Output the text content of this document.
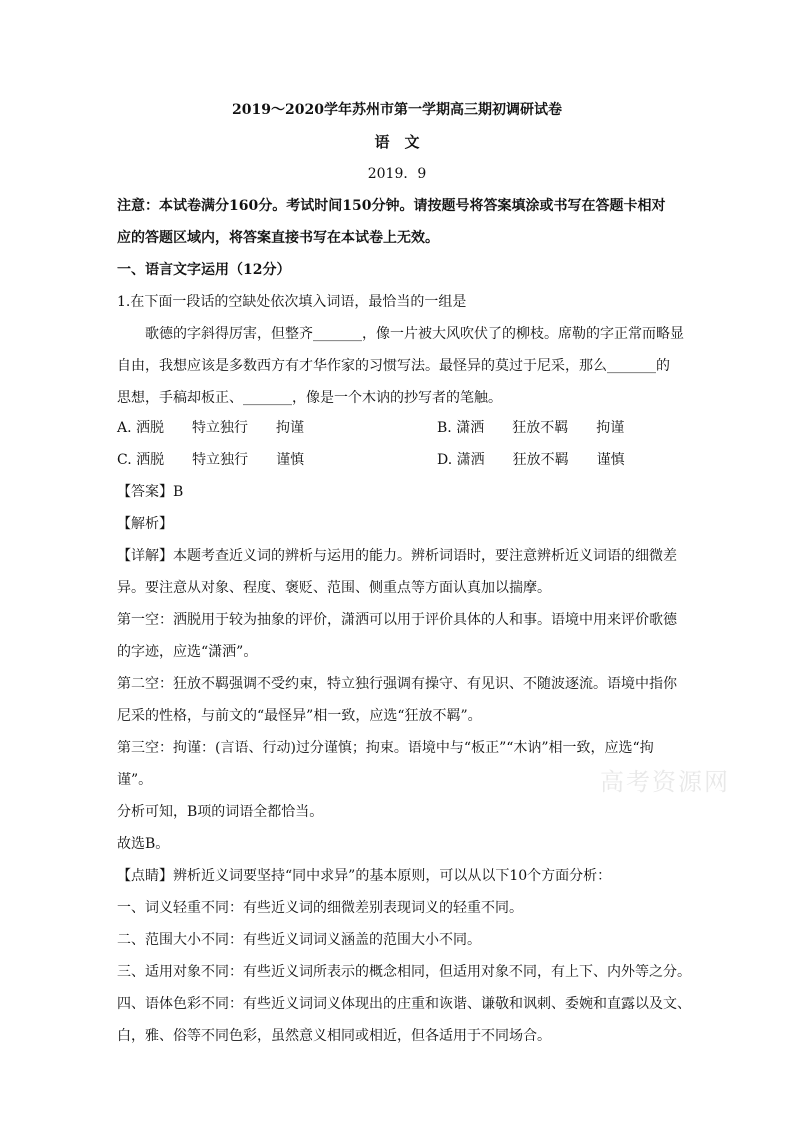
2019～2020学年苏州市第一学期高三期初调研试卷
语　文
2019．9
注意：本试卷满分160分。考试时间150分钟。请按题号将答案填涂或书写在答题卡相对
应的答题区域内，将答案直接书写在本试卷上无效。
一、语言文字运用（12分）
1.在下面一段话的空缺处依次填入词语，最恰当的一组是
歌德的字斜得厉害，但整齐_______，像一片被大风吹伏了的柳枝。席勒的字正常而略显
自由，我想应该是多数西方有才华作家的习惯写法。最怪异的莫过于尼采，那么_______的
思想，手稿却板正、_______，像是一个木讷的抄写者的笔触。
A. 洒脱　　特立独行　　拘谨	B. 潇洒　　狂放不羁　　拘谨
C. 洒脱　　特立独行　　谨慎	D. 潇洒　　狂放不羁　　谨慎
【答案】B
【解析】
【详解】本题考查近义词的辨析与运用的能力。辨析词语时，要注意辨析近义词语的细微差
异。要注意从对象、程度、褒贬、范围、侧重点等方面认真加以揣摩。
第一空：洒脱用于较为抽象的评价，潇洒可以用于评价具体的人和事。语境中用来评价歌德
的字迹，应选“潇洒”。
第二空：狂放不羁强调不受约束，特立独行强调有操守、有见识、不随波逐流。语境中指你
尼采的性格，与前文的“最怪异”相一致，应选“狂放不羁”。
第三空：拘谨：(言语、行动)过分谨慎；拘束。语境中与“板正”“木讷”相一致，应选“拘
谨”。
分析可知，B项的词语全都恰当。
故选B。
【点睛】辨析近义词要坚持“同中求异”的基本原则，可以从以下10个方面分析：
一、词义轻重不同：有些近义词的细微差别表现词义的轻重不同。
二、范围大小不同：有些近义词词义涵盖的范围大小不同。
三、适用对象不同：有些近义词所表示的概念相同，但适用对象不同，有上下、内外等之分。
四、语体色彩不同：有些近义词词义体现出的庄重和诙谐、谦敬和讽刺、委婉和直露以及文、
白，雅、俗等不同色彩，虽然意义相同或相近，但各适用于不同场合。
高考资源网
